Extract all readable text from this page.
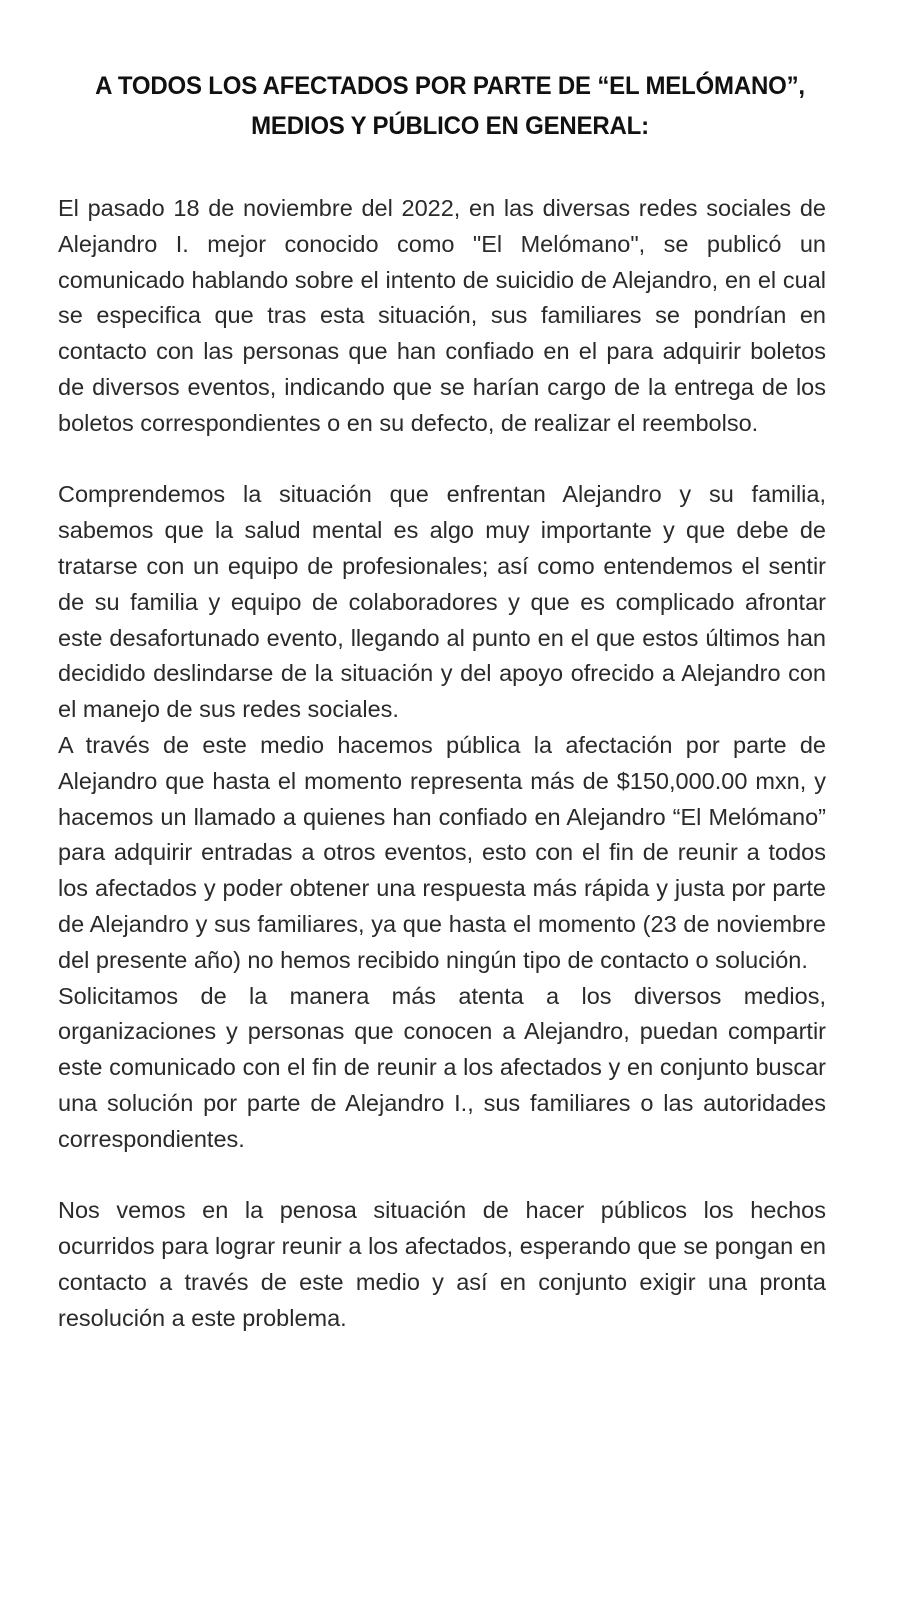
A TODOS LOS AFECTADOS POR PARTE DE “EL MELÓMANO”,
MEDIOS Y PÚBLICO EN GENERAL:

El pasado 18 de noviembre del 2022, en las diversas redes sociales de Alejandro I. mejor conocido como "El Melómano", se publicó un comunicado hablando sobre el intento de suicidio de Alejandro, en el cual se especifica que tras esta situación, sus familiares se pondrían en contacto con las personas que han confiado en el para adquirir boletos de diversos eventos, indicando que se harían cargo de la entrega de los boletos correspondientes o en su defecto, de realizar el reembolso.

Comprendemos la situación que enfrentan Alejandro y su familia, sabemos que la salud mental es algo muy importante y que debe de tratarse con un equipo de profesionales; así como entendemos el sentir de su familia y equipo de colaboradores y que es complicado afrontar este desafortunado evento, llegando al punto en el que estos últimos han decidido deslindarse de la situación y del apoyo ofrecido a Alejandro con el manejo de sus redes sociales.

A través de este medio hacemos pública la afectación por parte de Alejandro que hasta el momento representa más de $150,000.00 mxn, y hacemos un llamado a quienes han confiado en Alejandro “El Melómano” para adquirir entradas a otros eventos, esto con el fin de reunir a todos los afectados y poder obtener una respuesta más rápida y justa por parte de Alejandro y sus familiares, ya que hasta el momento (23 de noviembre del presente año) no hemos recibido ningún tipo de contacto o solución.

Solicitamos de la manera más atenta a los diversos medios, organizaciones y personas que conocen a Alejandro, puedan compartir este comunicado con el fin de reunir a los afectados y en conjunto buscar una solución por parte de Alejandro I., sus familiares o las autoridades correspondientes.

Nos vemos en la penosa situación de hacer públicos los hechos ocurridos para lograr reunir a los afectados, esperando que se pongan en contacto a través de este medio y así en conjunto exigir una pronta resolución a este problema.
